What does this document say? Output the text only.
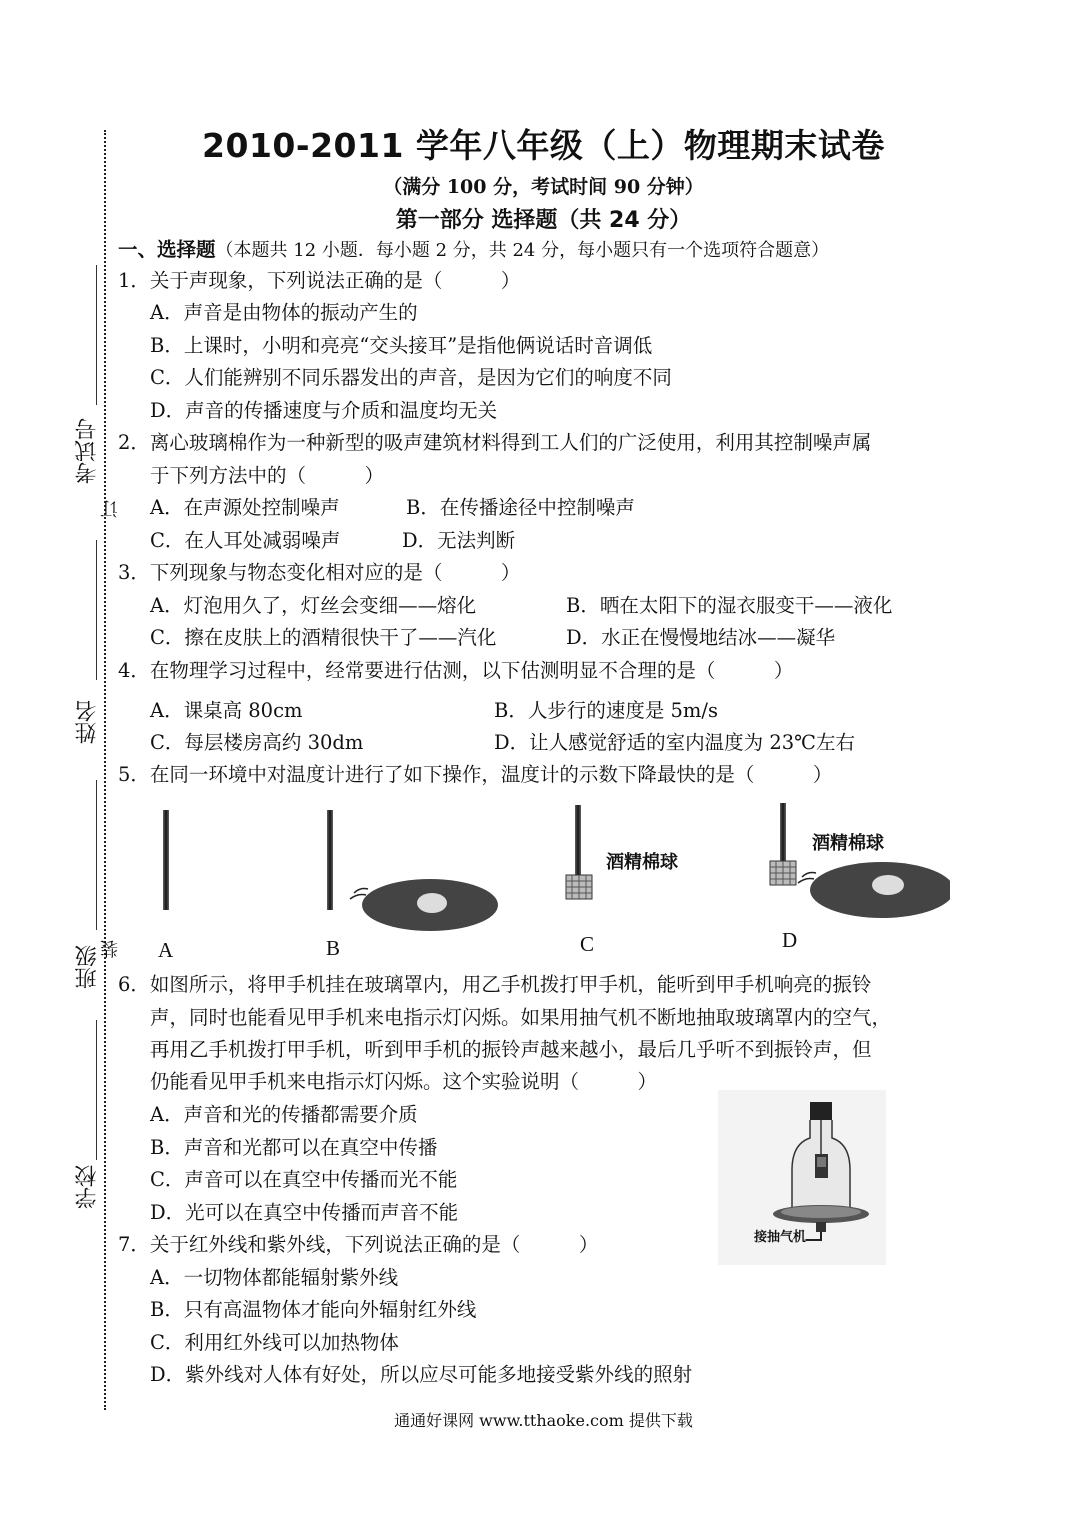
考试号
订
姓名
装
班级
学校
2010-2011 学年八年级（上）物理期末试卷
（满分 100 分，考试时间 90 分钟）
第一部分 选择题（共 24 分）
一、选择题（本题共 12 小题．每小题 2 分，共 24 分，每小题只有一个选项符合题意）
1．关于声现象，下列说法正确的是（　　　）
A．声音是由物体的振动产生的
B．上课时，小明和亮亮“交头接耳”是指他俩说话时音调低
C．人们能辨别不同乐器发出的声音，是因为它们的响度不同
D．声音的传播速度与介质和温度均无关
2．离心玻璃棉作为一种新型的吸声建筑材料得到工人们的广泛使用，利用其控制噪声属
于下列方法中的（　　　）
A．在声源处控制噪声	B．在传播途径中控制噪声
C．在人耳处减弱噪声	D．无法判断
3．下列现象与物态变化相对应的是（　　　）
A．灯泡用久了，灯丝会变细——熔化	B．晒在太阳下的湿衣服变干——液化
C．擦在皮肤上的酒精很快干了——汽化	D．水正在慢慢地结冰——凝华
4．在物理学习过程中，经常要进行估测，以下估测明显不合理的是（　　　）
A．课桌高 80cm	B．人步行的速度是 5m/s
C．每层楼房高约 30dm	D．让人感觉舒适的室内温度为 23℃左右
5．在同一环境中对温度计进行了如下操作，温度计的示数下降最快的是（　　　）
酒精棉球
酒精棉球
A	B	C	D
6．如图所示，将甲手机挂在玻璃罩内，用乙手机拨打甲手机，能听到甲手机响亮的振铃
声，同时也能看见甲手机来电指示灯闪烁。如果用抽气机不断地抽取玻璃罩内的空气，
再用乙手机拨打甲手机，听到甲手机的振铃声越来越小，最后几乎听不到振铃声，但
仍能看见甲手机来电指示灯闪烁。这个实验说明（　　　）
A．声音和光的传播都需要介质
B．声音和光都可以在真空中传播
C．声音可以在真空中传播而光不能
D．光可以在真空中传播而声音不能
接抽气机
7．关于红外线和紫外线，下列说法正确的是（　　　）
A．一切物体都能辐射紫外线
B．只有高温物体才能向外辐射红外线
C．利用红外线可以加热物体
D．紫外线对人体有好处，所以应尽可能多地接受紫外线的照射
通通好课网 www.tthaoke.com 提供下载
